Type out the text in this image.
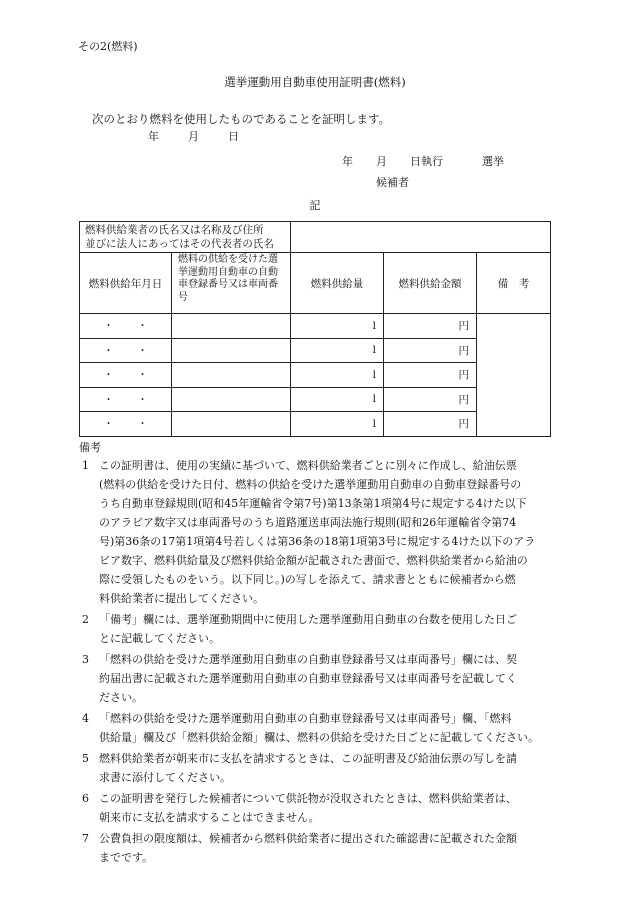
その2(燃料)
選挙運動用自動車使用証明書(燃料)
次のとおり燃料を使用したものであることを証明します。
年	月	日
年 月 日執行	選挙
候補者
記
燃料供給業者の氏名又は名称及び住所
並びに法人にあってはその代表者の氏名				

燃料供給年月日	燃料の供給を受けた選挙運動用自動車の自動車登録番号又は車両番号	燃料供給量	燃料供給金額	備　考
・ ・		l	円	
・ ・		l	円	
・ ・		l	円	
・ ・		l	円	
・ ・		l	円	
備考
1 この証明書は、使用の実績に基づいて、燃料供給業者ごとに別々に作成し、給油伝票
(燃料の供給を受けた日付、燃料の供給を受けた選挙運動用自動車の自動車登録番号の
うち自動車登録規則(昭和45年運輸省令第7号)第13条第1項第4号に規定する4けた以下
のアラビア数字又は車両番号のうち道路運送車両法施行規則(昭和26年運輸省令第74
号)第36条の17第1項第4号若しくは第36条の18第1項第3号に規定する4けた以下のアラ
ビア数字、燃料供給量及び燃料供給金額が記載された書面で、燃料供給業者から給油の
際に受領したものをいう。以下同じ。)の写しを添えて、請求書とともに候補者から燃
料供給業者に提出してください。
2 「備考」欄には、選挙運動期間中に使用した選挙運動用自動車の台数を使用した日ご
とに記載してください。
3 「燃料の供給を受けた選挙運動用自動車の自動車登録番号又は車両番号」欄には、契
約届出書に記載された選挙運動用自動車の自動車登録番号又は車両番号を記載してく
ださい。
4 「燃料の供給を受けた選挙運動用自動車の自動車登録番号又は車両番号」欄、「燃料
供給量」欄及び「燃料供給金額」欄は、燃料の供給を受けた日ごとに記載してください。
5 燃料供給業者が朝来市に支払を請求するときは、この証明書及び給油伝票の写しを請
求書に添付してください。
6 この証明書を発行した候補者について供託物が没収されたときは、燃料供給業者は、
朝来市に支払を請求することはできません。
7 公費負担の限度額は、候補者から燃料供給業者に提出された確認書に記載された金額
までです。
